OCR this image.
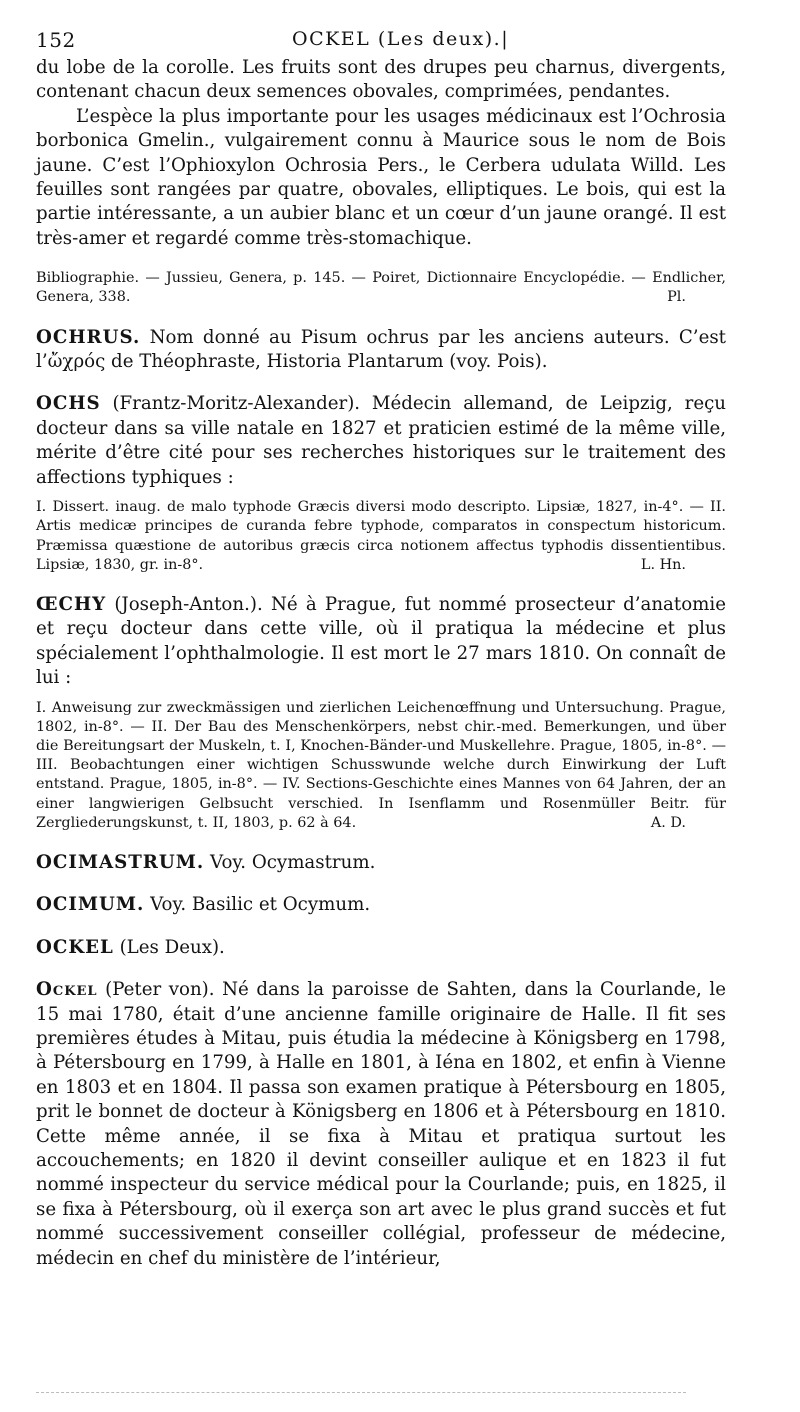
152	OCKEL (Les deux).|

du lobe de la corolle. Les fruits sont des drupes peu charnus, divergents, contenant chacun deux semences obovales, comprimées, pendantes.

L’espèce la plus importante pour les usages médicinaux est l’Ochrosia borbonica Gmelin., vulgairement connu à Maurice sous le nom de Bois jaune. C’est l’Ophioxylon Ochrosia Pers., le Cerbera udulata Willd. Les feuilles sont rangées par quatre, obovales, elliptiques. Le bois, qui est la partie intéressante, a un aubier blanc et un cœur d’un jaune orangé. Il est très-amer et regardé comme très-stomachique.

Bibliographie. — Jussieu, Genera, p. 145. — Poiret, Dictionnaire Encyclopédie. — Endlicher, Genera, 338.	Pl.

OCHRUS. Nom donné au Pisum ochrus par les anciens auteurs. C’est l’ὤχρός de Théophraste, Historia Plantarum (voy. Pois).

OCHS (Frantz-Moritz-Alexander). Médecin allemand, de Leipzig, reçu docteur dans sa ville natale en 1827 et praticien estimé de la même ville, mérite d’être cité pour ses recherches historiques sur le traitement des affections typhiques :

I. Dissert. inaug. de malo typhode Græcis diversi modo descripto. Lipsiæ, 1827, in-4°. — II. Artis medicæ principes de curanda febre typhode, comparatos in conspectum historicum. Præmissa quæstione de autoribus græcis circa notionem affectus typhodis dissentientibus. Lipsiæ, 1830, gr. in-8°.	L. Hn.

ŒCHY (Joseph-Anton.). Né à Prague, fut nommé prosecteur d’anatomie et reçu docteur dans cette ville, où il pratiqua la médecine et plus spécialement l’ophthalmologie. Il est mort le 27 mars 1810. On connaît de lui :

I. Anweisung zur zweckmässigen und zierlichen Leichenœffnung und Untersuchung. Prague, 1802, in-8°. — II. Der Bau des Menschenkörpers, nebst chir.-med. Bemerkungen, und über die Bereitungsart der Muskeln, t. I, Knochen-Bänder-und Muskellehre. Prague, 1805, in-8°. — III. Beobachtungen einer wichtigen Schusswunde welche durch Einwirkung der Luft entstand. Prague, 1805, in-8°. — IV. Sections-Geschichte eines Mannes von 64 Jahren, der an einer langwierigen Gelbsucht verschied. In Isenflamm und Rosenmüller Beitr. für Zergliederungskunst, t. II, 1803, p. 62 à 64.	A. D.

OCIMASTRUM. Voy. Ocymastrum.

OCIMUM. Voy. Basilic et Ocymum.

OCKEL (Les Deux).

Ockel (Peter von). Né dans la paroisse de Sahten, dans la Courlande, le 15 mai 1780, était d’une ancienne famille originaire de Halle. Il fit ses premières études à Mitau, puis étudia la médecine à Königsberg en 1798, à Pétersbourg en 1799, à Halle en 1801, à Iéna en 1802, et enfin à Vienne en 1803 et en 1804. Il passa son examen pratique à Pétersbourg en 1805, prit le bonnet de docteur à Königsberg en 1806 et à Pétersbourg en 1810. Cette même année, il se fixa à Mitau et pratiqua surtout les accouchements; en 1820 il devint conseiller aulique et en 1823 il fut nommé inspecteur du service médical pour la Courlande; puis, en 1825, il se fixa à Pétersbourg, où il exerça son art avec le plus grand succès et fut nommé successivement conseiller collégial, professeur de médecine, médecin en chef du ministère de l’intérieur,
